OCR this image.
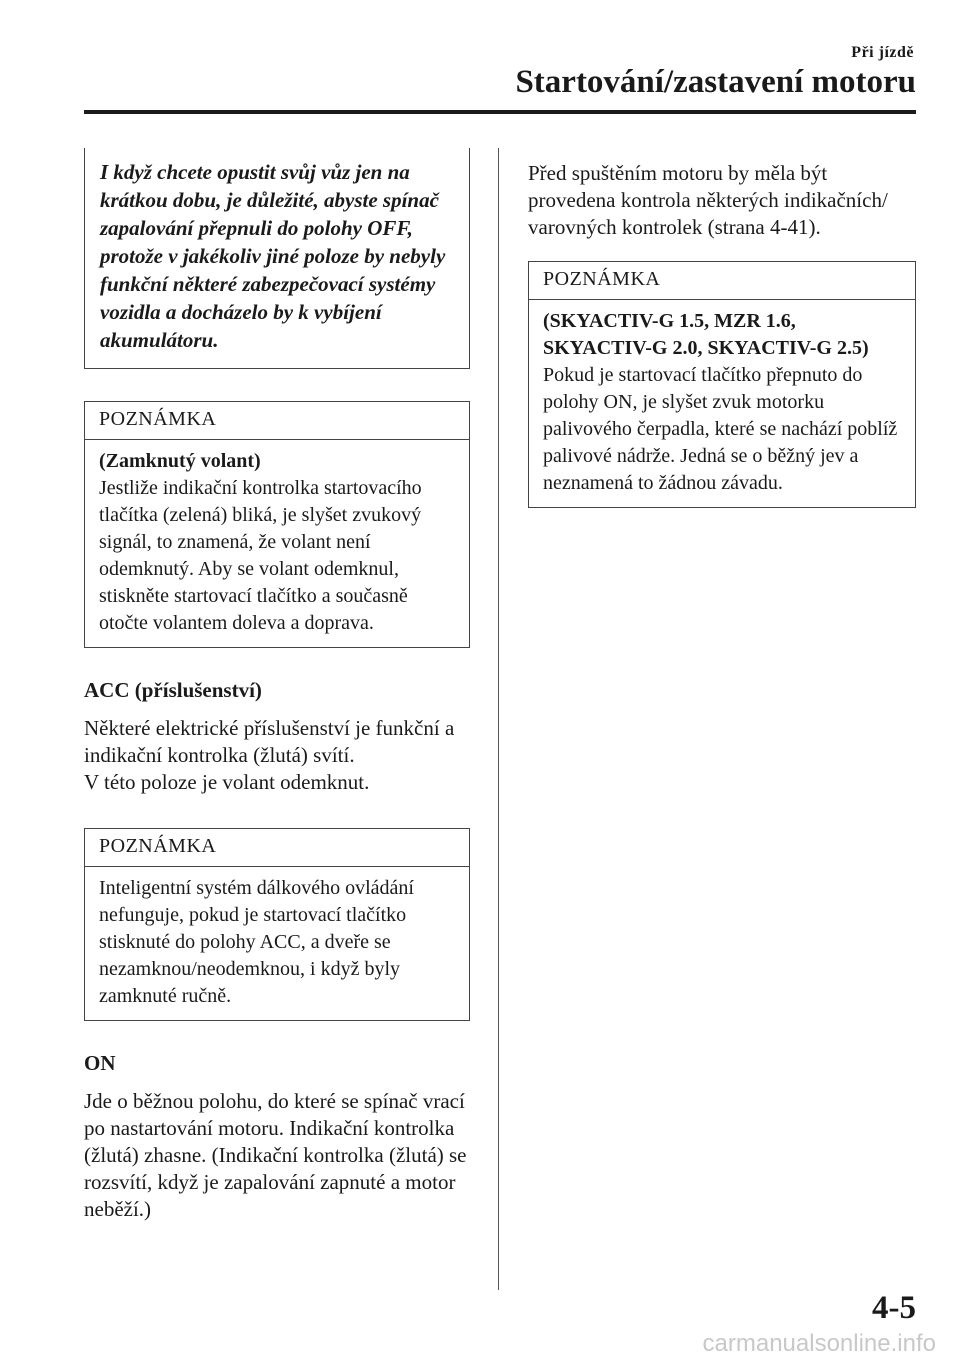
Při jízdě
Startování/zastavení motoru
I když chcete opustit svůj vůz jen na krátkou dobu, je důležité, abyste spínač zapalování přepnuli do polohy OFF, protože v jakékoliv jiné poloze by nebyly funkční některé zabezpečovací systémy vozidla a docházelo by k vybíjení akumulátoru.
POZNÁMKA
(Zamknutý volant)
Jestliže indikační kontrolka startovacího tlačítka (zelená) bliká, je slyšet zvukový signál, to znamená, že volant není odemknutý. Aby se volant odemknul, stiskněte startovací tlačítko a současně otočte volantem doleva a doprava.
ACC (příslušenství)
Některé elektrické příslušenství je funkční a indikační kontrolka (žlutá) svítí.
V této poloze je volant odemknut.
POZNÁMKA
Inteligentní systém dálkového ovládání nefunguje, pokud je startovací tlačítko stisknuté do polohy ACC, a dveře se nezamknou/neodemknou, i když byly zamknuté ručně.
ON
Jde o běžnou polohu, do které se spínač vrací po nastartování motoru. Indikační kontrolka (žlutá) zhasne. (Indikační kontrolka (žlutá) se rozsvítí, když je zapalování zapnuté a motor neběží.)
Před spuštěním motoru by měla být provedena kontrola některých indikačních/ varovných kontrolek (strana 4-41).
POZNÁMKA
(SKYACTIV-G 1.5, MZR 1.6, SKYACTIV-G 2.0, SKYACTIV-G 2.5)
Pokud je startovací tlačítko přepnuto do polohy ON, je slyšet zvuk motorku palivového čerpadla, které se nachází poblíž palivové nádrže. Jedná se o běžný jev a neznamená to žádnou závadu.
4-5
carmanualsonline.info
